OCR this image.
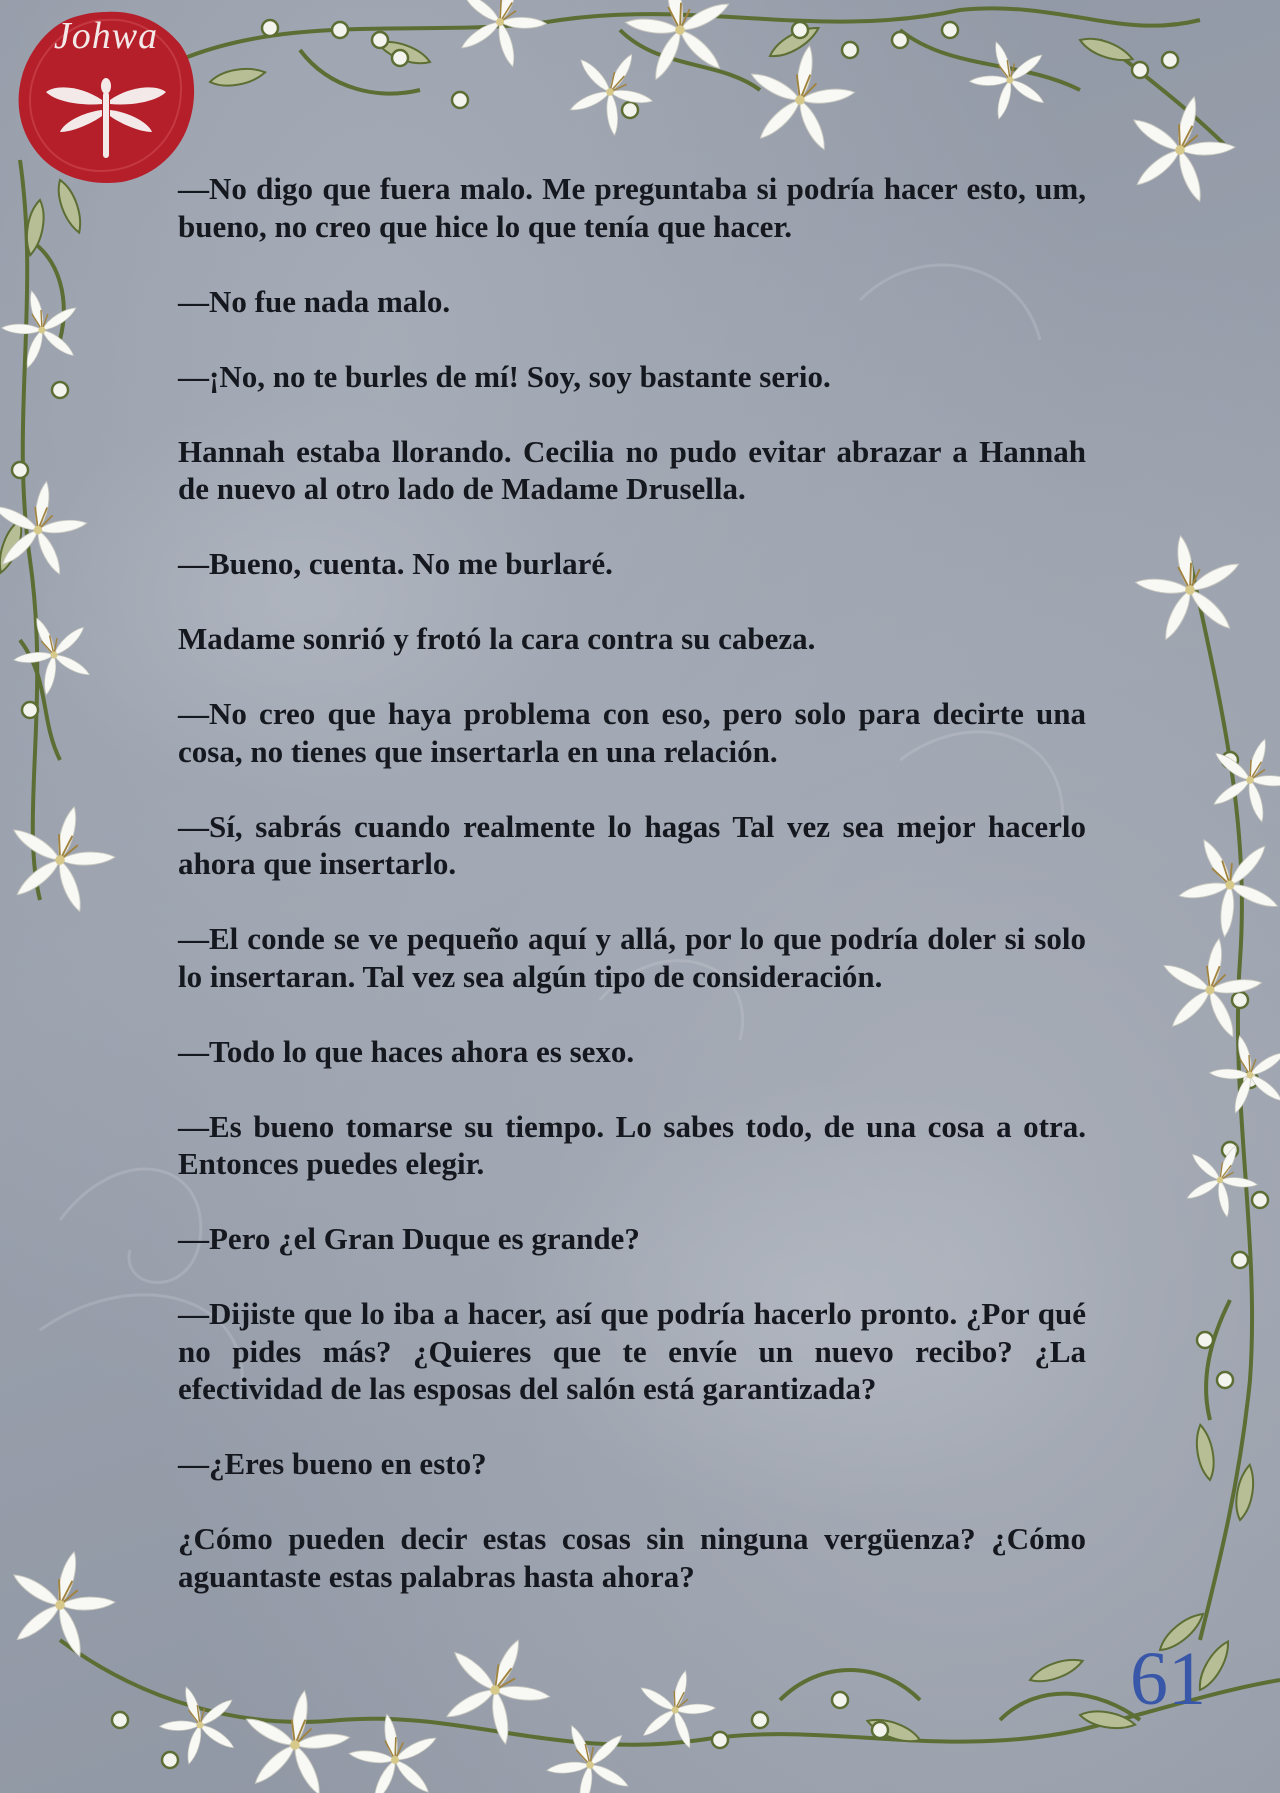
Johwa

—No digo que fuera malo. Me preguntaba si podría hacer esto, um, bueno, no creo que hice lo que tenía que hacer.

—No fue nada malo.

—¡No, no te burles de mí! Soy, soy bastante serio.

Hannah estaba llorando. Cecilia no pudo evitar abrazar a Hannah de nuevo al otro lado de Madame Drusella.

—Bueno, cuenta. No me burlaré.

Madame sonrió y frotó la cara contra su cabeza.

—No creo que haya problema con eso, pero solo para decirte una cosa, no tienes que insertarla en una relación.

—Sí, sabrás cuando realmente lo hagas Tal vez sea mejor hacerlo ahora que insertarlo.

—El conde se ve pequeño aquí y allá, por lo que podría doler si solo lo insertaran. Tal vez sea algún tipo de consideración.

—Todo lo que haces ahora es sexo.

—Es bueno tomarse su tiempo. Lo sabes todo, de una cosa a otra. Entonces puedes elegir.

—Pero ¿el Gran Duque es grande?

—Dijiste que lo iba a hacer, así que podría hacerlo pronto. ¿Por qué no pides más? ¿Quieres que te envíe un nuevo recibo? ¿La efectividad de las esposas del salón está garantizada?

—¿Eres bueno en esto?

¿Cómo pueden decir estas cosas sin ninguna vergüenza? ¿Cómo aguantaste estas palabras hasta ahora?

61
